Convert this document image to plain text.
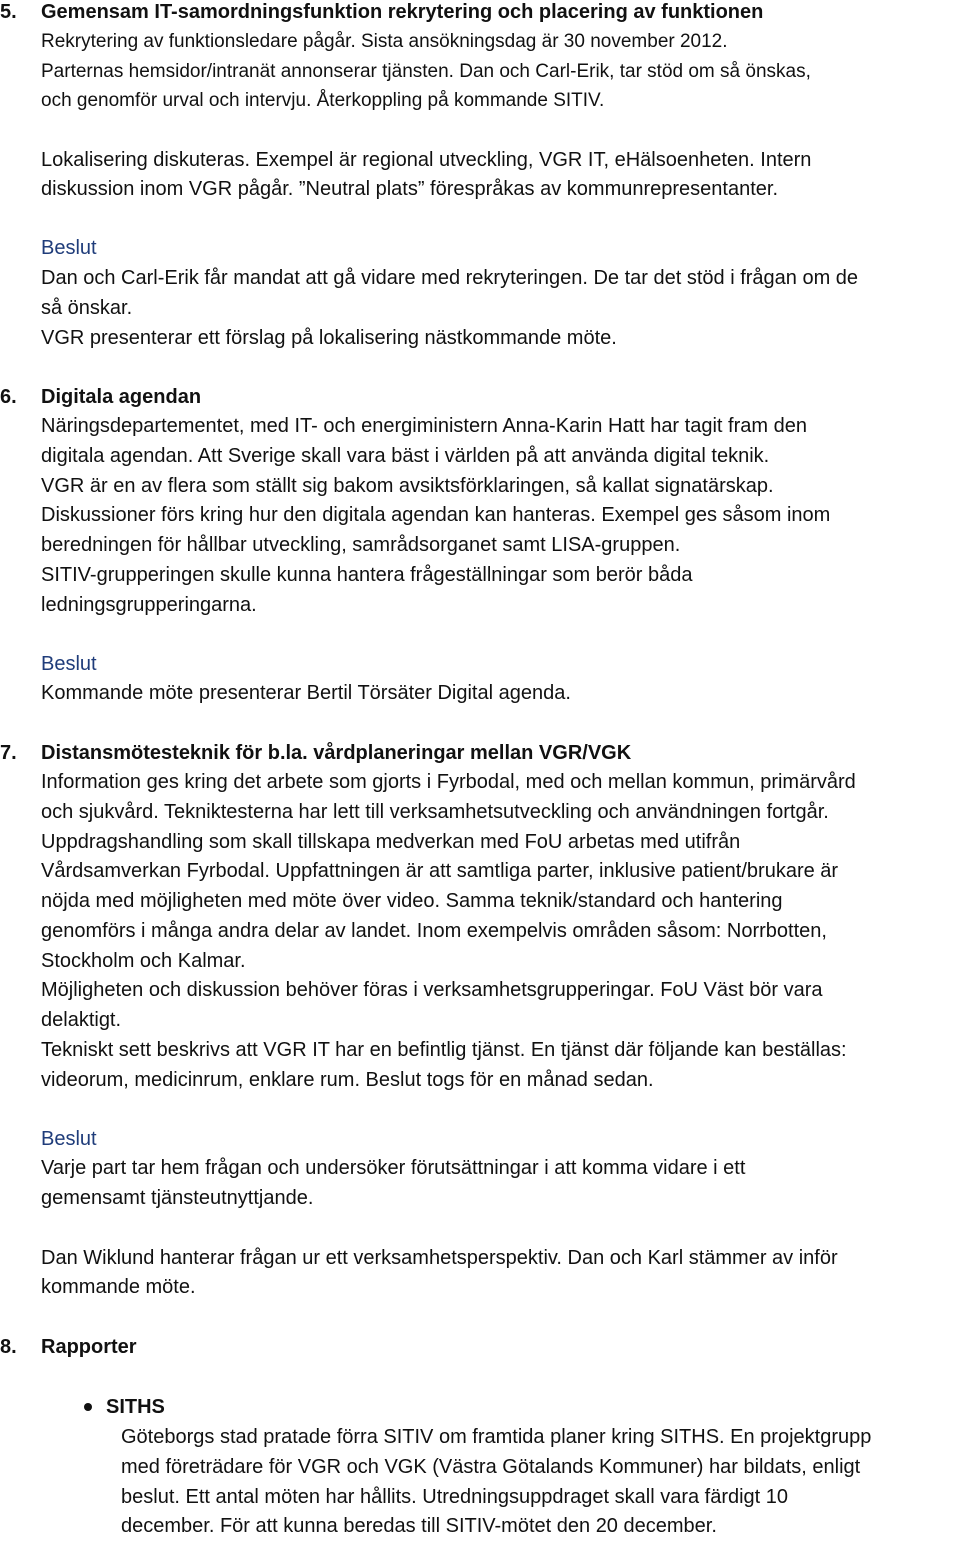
5. Gemensam IT-samordningsfunktion rekrytering och placering av funktionen

Rekrytering av funktionsledare pågår. Sista ansökningsdag är 30 november 2012.

Parternas hemsidor/intranät annonserar tjänsten. Dan och Carl-Erik, tar stöd om så önskas,

och genomför urval och intervju. Återkoppling på kommande SITIV.

Lokalisering diskuteras. Exempel är regional utveckling, VGR IT, eHälsoenheten. Intern

diskussion inom VGR pågår. ”Neutral plats” förespråkas av kommunrepresentanter.

Beslut

Dan och Carl-Erik får mandat att gå vidare med rekryteringen. De tar det stöd i frågan om de

så önskar.

VGR presenterar ett förslag på lokalisering nästkommande möte.

6. Digitala agendan

Näringsdepartementet, med IT- och energiministern Anna-Karin Hatt har tagit fram den

digitala agendan. Att Sverige skall vara bäst i världen på att använda digital teknik.

VGR är en av flera som ställt sig bakom avsiktsförklaringen, så kallat signatärskap.

Diskussioner förs kring hur den digitala agendan kan hanteras. Exempel ges såsom inom

beredningen för hållbar utveckling, samrådsorganet samt LISA-gruppen.

SITIV-grupperingen skulle kunna hantera frågeställningar som berör båda

ledningsgrupperingarna.

Beslut

Kommande möte presenterar Bertil Törsäter Digital agenda.

7. Distansmötesteknik för b.la. vårdplaneringar mellan VGR/VGK

Information ges kring det arbete som gjorts i Fyrbodal, med och mellan kommun, primärvård

och sjukvård. Tekniktesterna har lett till verksamhetsutveckling och användningen fortgår.

Uppdragshandling som skall tillskapa medverkan med FoU arbetas med utifrån

Vårdsamverkan Fyrbodal. Uppfattningen är att samtliga parter, inklusive patient/brukare är

nöjda med möjligheten med möte över video. Samma teknik/standard och hantering

genomförs i många andra delar av landet. Inom exempelvis områden såsom: Norrbotten,

Stockholm och Kalmar.

Möjligheten och diskussion behöver föras i verksamhetsgrupperingar. FoU Väst bör vara

delaktigt.

Tekniskt sett beskrivs att VGR IT har en befintlig tjänst. En tjänst där följande kan beställas:

videorum, medicinrum, enklare rum. Beslut togs för en månad sedan.

Beslut

Varje part tar hem frågan och undersöker förutsättningar i att komma vidare i ett

gemensamt tjänsteutnyttjande.

Dan Wiklund hanterar frågan ur ett verksamhetsperspektiv. Dan och Karl stämmer av inför

kommande möte.

8. Rapporter

SITHS

Göteborgs stad pratade förra SITIV om framtida planer kring SITHS. En projektgrupp

med företrädare för VGR och VGK (Västra Götalands Kommuner) har bildats, enligt

beslut. Ett antal möten har hållits. Utredningsuppdraget skall vara färdigt 10

december. För att kunna beredas till SITIV-mötet den 20 december.
